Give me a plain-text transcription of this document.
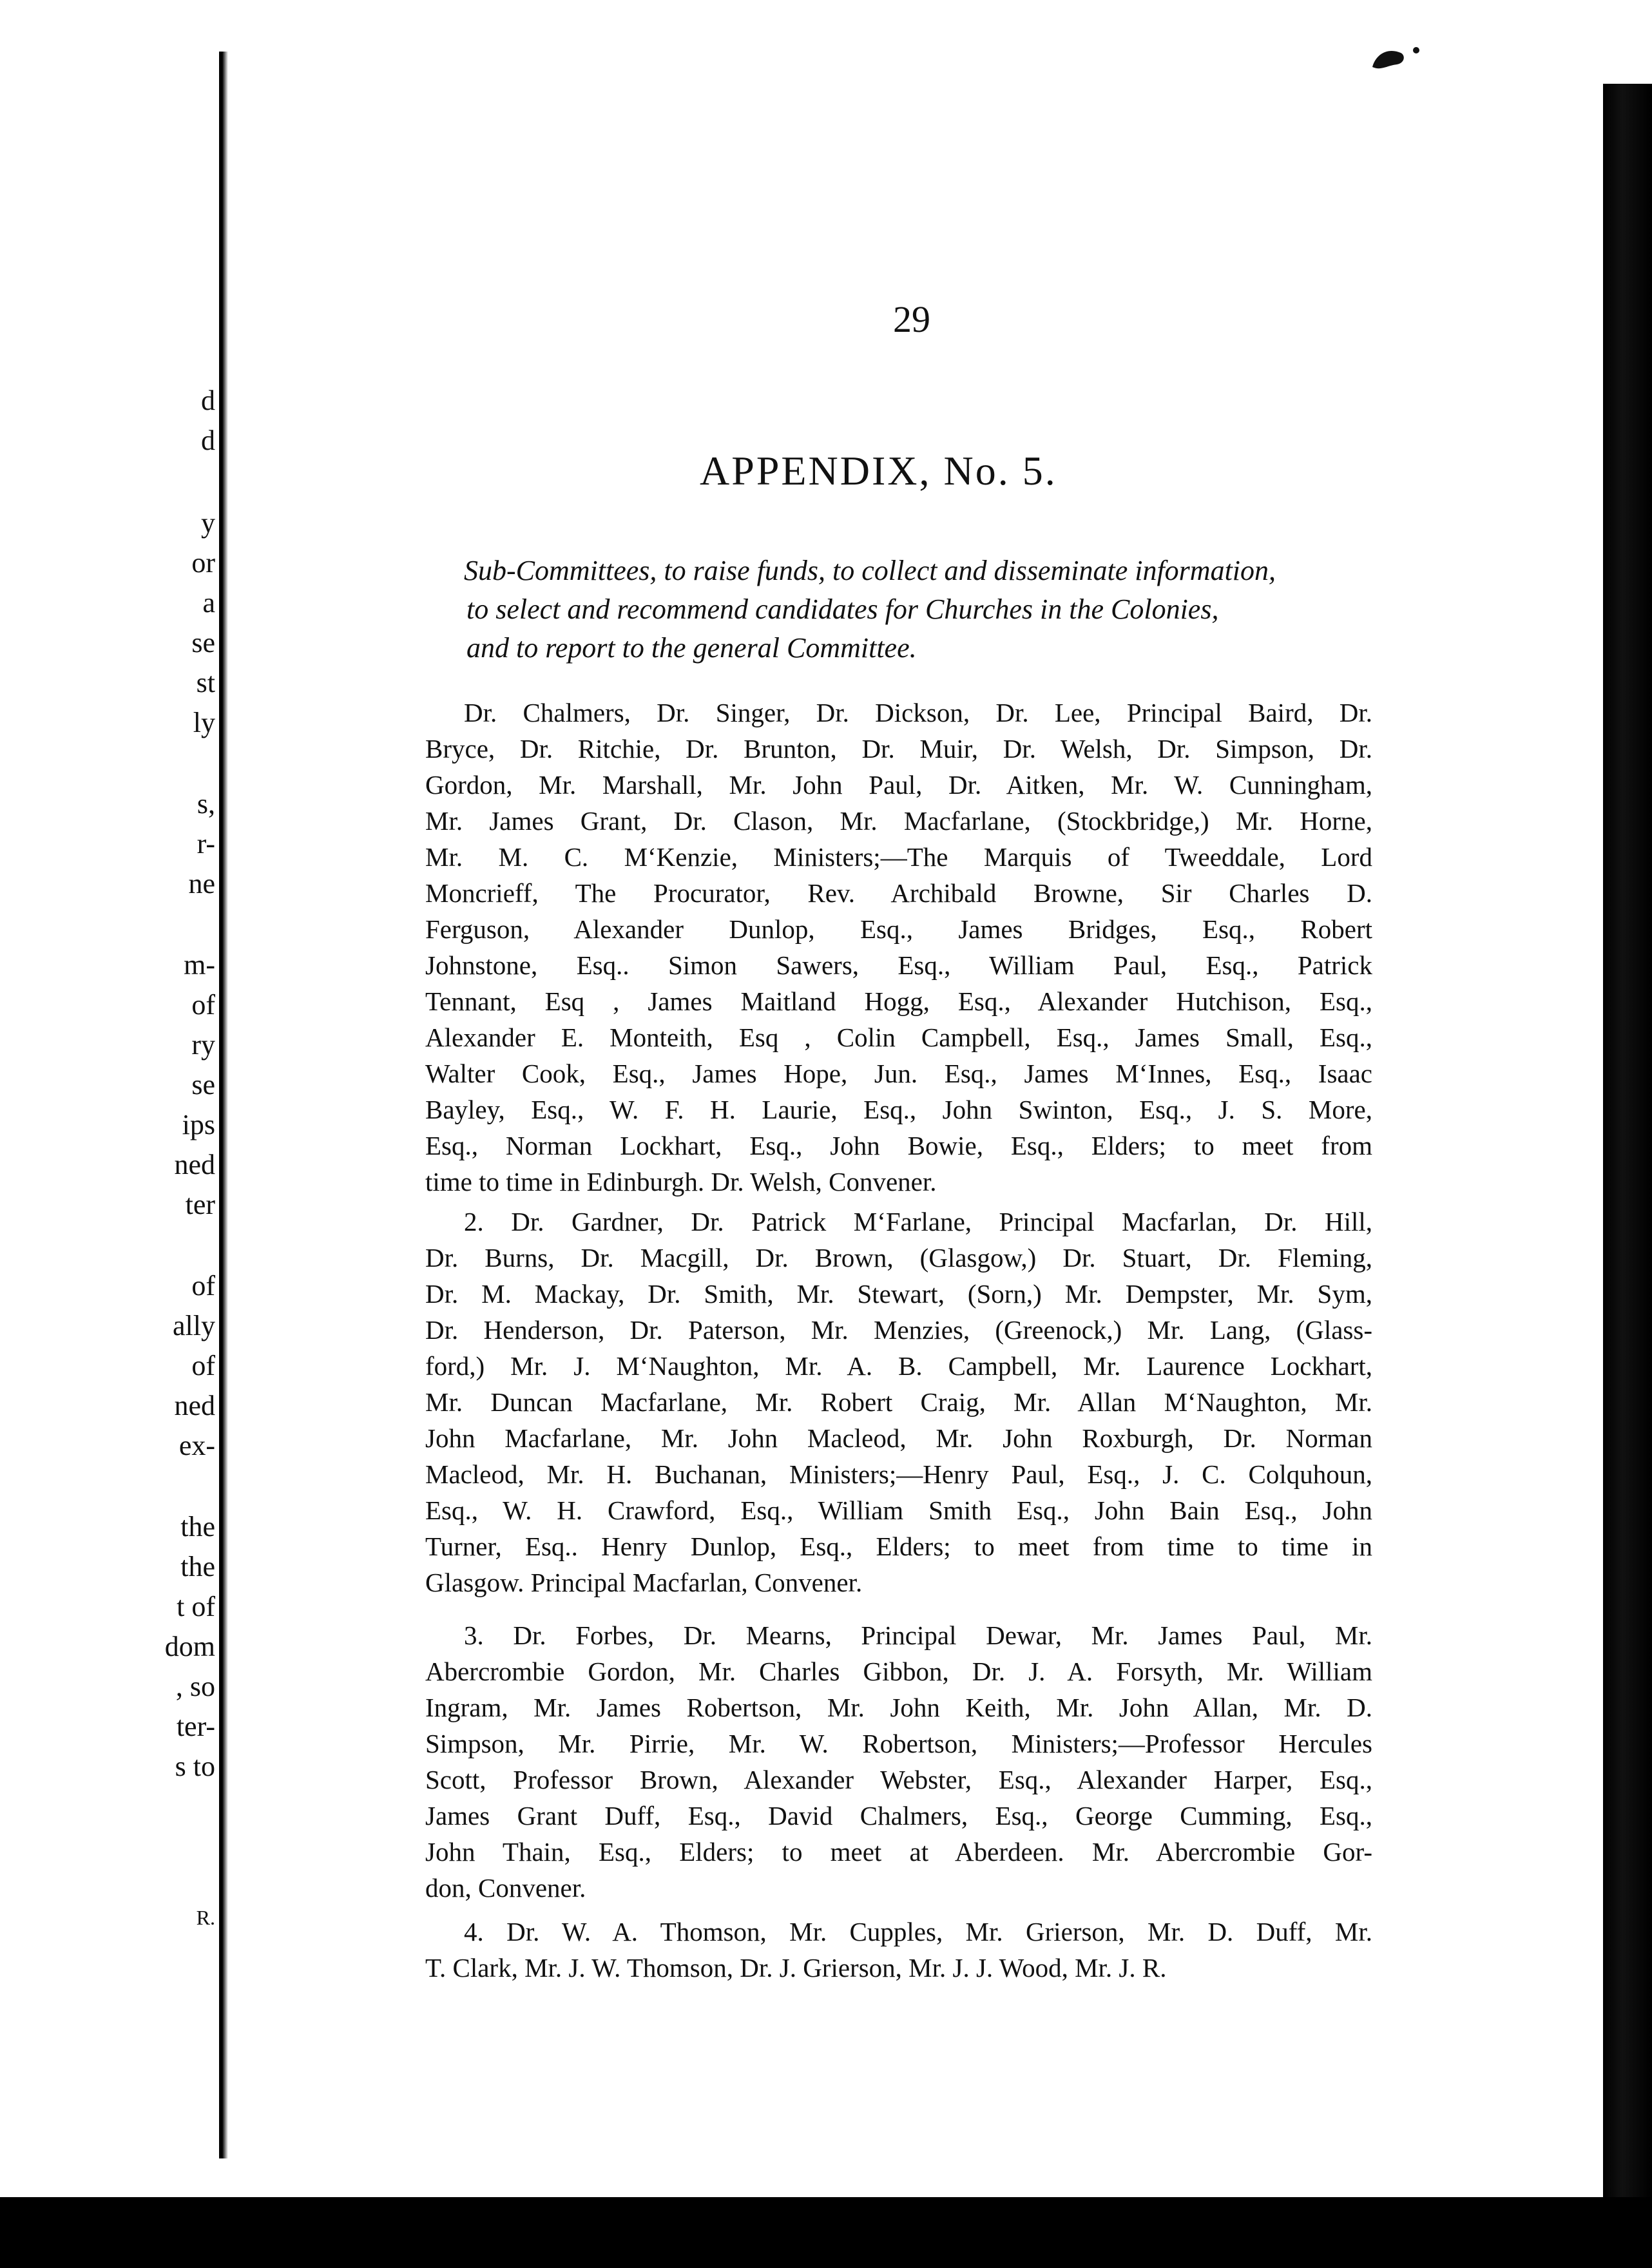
d
d
y
or
a
se
st
ly
s,
r-
ne
m-
of
ry
se
ips
ned
ter
of
ally
of
ned
ex-
the
the
t of
dom
, so
ter-
s to
R.
29
APPENDIX, No. 5.
Sub-Committees, to raise funds, to collect and disseminate information,
to select and recommend candidates for Churches in the Colonies,
and to report to the general Committee.
Dr. Chalmers, Dr. Singer, Dr. Dickson, Dr. Lee, Principal Baird, Dr.
Bryce, Dr. Ritchie, Dr. Brunton, Dr. Muir, Dr. Welsh, Dr. Simpson, Dr.
Gordon, Mr. Marshall, Mr. John Paul, Dr. Aitken, Mr. W. Cunningham,
Mr. James Grant, Dr. Clason, Mr. Macfarlane, (Stockbridge,) Mr. Horne,
Mr. M. C. M‘Kenzie, Ministers;—The Marquis of Tweeddale, Lord
Moncrieff, The Procurator, Rev. Archibald Browne, Sir Charles D.
Ferguson, Alexander Dunlop, Esq., James Bridges, Esq., Robert
Johnstone, Esq.. Simon Sawers, Esq., William Paul, Esq., Patrick
Tennant, Esq , James Maitland Hogg, Esq., Alexander Hutchison, Esq.,
Alexander E. Monteith, Esq , Colin Campbell, Esq., James Small, Esq.,
Walter Cook, Esq., James Hope, Jun. Esq., James M‘Innes, Esq., Isaac
Bayley, Esq., W. F. H. Laurie, Esq., John Swinton, Esq., J. S. More,
Esq., Norman Lockhart, Esq., John Bowie, Esq., Elders; to meet from
time to time in Edinburgh. Dr. Welsh, Convener.
2. Dr. Gardner, Dr. Patrick M‘Farlane, Principal Macfarlan, Dr. Hill,
Dr. Burns, Dr. Macgill, Dr. Brown, (Glasgow,) Dr. Stuart, Dr. Fleming,
Dr. M. Mackay, Dr. Smith, Mr. Stewart, (Sorn,) Mr. Dempster, Mr. Sym,
Dr. Henderson, Dr. Paterson, Mr. Menzies, (Greenock,) Mr. Lang, (Glass-
ford,) Mr. J. M‘Naughton, Mr. A. B. Campbell, Mr. Laurence Lockhart,
Mr. Duncan Macfarlane, Mr. Robert Craig, Mr. Allan M‘Naughton, Mr.
John Macfarlane, Mr. John Macleod, Mr. John Roxburgh, Dr. Norman
Macleod, Mr. H. Buchanan, Ministers;—Henry Paul, Esq., J. C. Colquhoun,
Esq., W. H. Crawford, Esq., William Smith Esq., John Bain Esq., John
Turner, Esq.. Henry Dunlop, Esq., Elders; to meet from time to time in
Glasgow. Principal Macfarlan, Convener.
3. Dr. Forbes, Dr. Mearns, Principal Dewar, Mr. James Paul, Mr.
Abercrombie Gordon, Mr. Charles Gibbon, Dr. J. A. Forsyth, Mr. William
Ingram, Mr. James Robertson, Mr. John Keith, Mr. John Allan, Mr. D.
Simpson, Mr. Pirrie, Mr. W. Robertson, Ministers;—Professor Hercules
Scott, Professor Brown, Alexander Webster, Esq., Alexander Harper, Esq.,
James Grant Duff, Esq., David Chalmers, Esq., George Cumming, Esq.,
John Thain, Esq., Elders; to meet at Aberdeen. Mr. Abercrombie Gor-
don, Convener.
4. Dr. W. A. Thomson, Mr. Cupples, Mr. Grierson, Mr. D. Duff, Mr.
T. Clark, Mr. J. W. Thomson, Dr. J. Grierson, Mr. J. J. Wood, Mr. J. R.
